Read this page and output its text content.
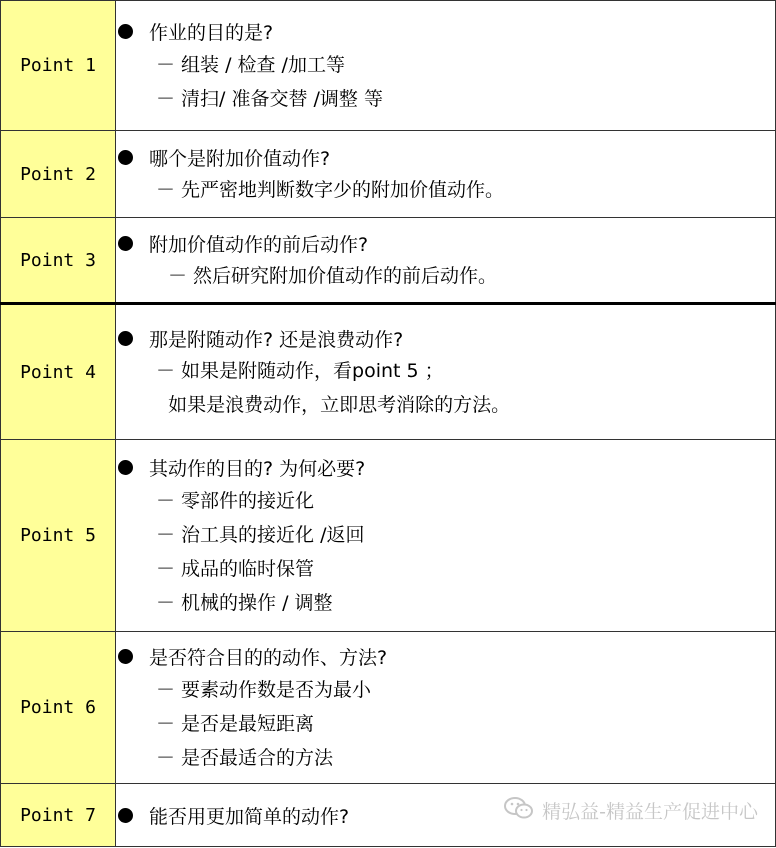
Point 1	作业的目的是?
－ 组装 / 检查 /加工等
－ 清扫/ 准备交替 /调整 等

Point 2	哪个是附加价值动作?
－ 先严密地判断数字少的附加价值动作。

Point 3	附加价值动作的前后动作?
－ 然后研究附加价值动作的前后动作。

Point 4	那是附随动作? 还是浪费动作?
－ 如果是附随动作，看point 5 ；
如果是浪费动作，立即思考消除的方法。

Point 5	其动作的目的? 为何必要?
－ 零部件的接近化
－ 治工具的接近化 /返回
－ 成品的临时保管
－ 机械的操作 / 调整

Point 6	是否符合目的的动作、方法?
－ 要素动作数是否为最小
－ 是否是最短距离
－ 是否最适合的方法

Point 7	能否用更加简单的动作?	精弘益-精益生产促进中心
